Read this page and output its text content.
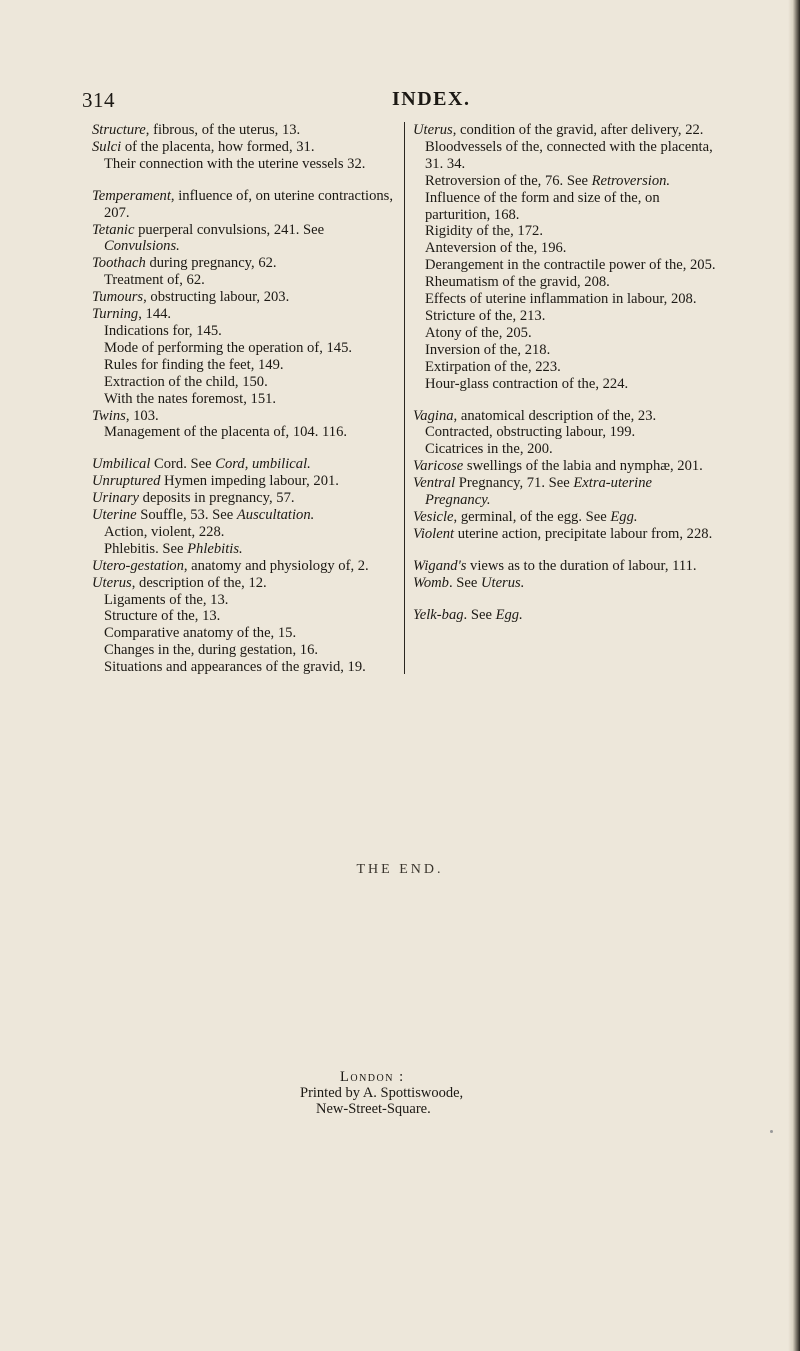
314	INDEX.
Structure, fibrous, of the uterus, 13.
Sulci of the placenta, how formed, 31.
Their connection with the uterine vessels 32.
Temperament, influence of, on uterine contractions, 207.
Tetanic puerperal convulsions, 241. See Convulsions.
Toothach during pregnancy, 62.
Treatment of, 62.
Tumours, obstructing labour, 203.
Turning, 144.
Indications for, 145.
Mode of performing the operation of, 145.
Rules for finding the feet, 149.
Extraction of the child, 150.
With the nates foremost, 151.
Twins, 103.
Management of the placenta of, 104. 116.
Umbilical Cord. See Cord, umbilical.
Unruptured Hymen impeding labour, 201.
Urinary deposits in pregnancy, 57.
Uterine Souffle, 53. See Auscultation.
Action, violent, 228.
Phlebitis. See Phlebitis.
Utero-gestation, anatomy and physiology of, 2.
Uterus, description of the, 12.
Ligaments of the, 13.
Structure of the, 13.
Comparative anatomy of the, 15.
Changes in the, during gestation, 16.
Situations and appearances of the gravid, 19.
Uterus, condition of the gravid, after delivery, 22.
Bloodvessels of the, connected with the placenta, 31. 34.
Retroversion of the, 76. See Retroversion.
Influence of the form and size of the, on parturition, 168.
Rigidity of the, 172.
Anteversion of the, 196.
Derangement in the contractile power of the, 205.
Rheumatism of the gravid, 208.
Effects of uterine inflammation in labour, 208.
Stricture of the, 213.
Atony of the, 205.
Inversion of the, 218.
Extirpation of the, 223.
Hour-glass contraction of the, 224.
Vagina, anatomical description of the, 23.
Contracted, obstructing labour, 199.
Cicatrices in the, 200.
Varicose swellings of the labia and nymphæ, 201.
Ventral Pregnancy, 71. See Extra-uterine Pregnancy.
Vesicle, germinal, of the egg. See Egg.
Violent uterine action, precipitate labour from, 228.
Wigand's views as to the duration of labour, 111.
Womb. See Uterus.
Yelk-bag. See Egg.
THE END.
London :
Printed by A. Spottiswoode,
New-Street-Square.
